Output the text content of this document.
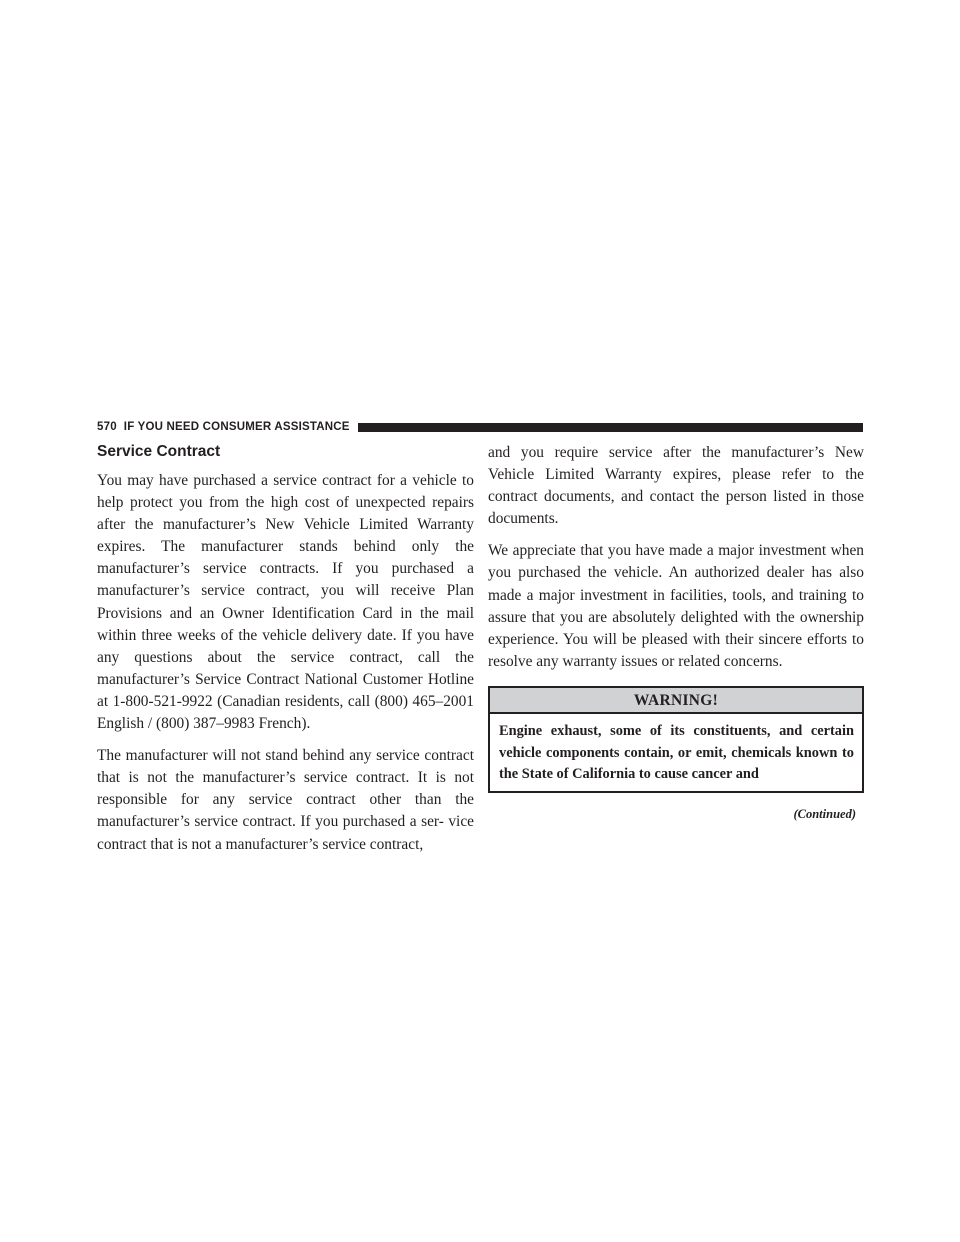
570 IF YOU NEED CONSUMER ASSISTANCE
Service Contract

You may have purchased a service contract for a vehicle to help protect you from the high cost of unexpected repairs after the manufacturer’s New Vehicle Limited Warranty expires. The manufacturer stands behind only the manufacturer’s service contracts. If you purchased a manufacturer’s service contract, you will receive Plan Provisions and an Owner Identification Card in the mail within three weeks of the vehicle delivery date. If you have any questions about the service contract, call the manufacturer’s Service Contract National Customer Hotline at 1-800-521-9922 (Canadian residents, call (800) 465–2001 English / (800) 387–9983 French).

The manufacturer will not stand behind any service contract that is not the manufacturer’s service contract. It is not responsible for any service contract other than the manufacturer’s service contract. If you purchased a ser- vice contract that is not a manufacturer’s service contract,

and you require service after the manufacturer’s New Vehicle Limited Warranty expires, please refer to the contract documents, and contact the person listed in those documents.

We appreciate that you have made a major investment when you purchased the vehicle. An authorized dealer has also made a major investment in facilities, tools, and training to assure that you are absolutely delighted with the ownership experience. You will be pleased with their sincere efforts to resolve any warranty issues or related concerns.

WARNING!
Engine exhaust, some of its constituents, and certain vehicle components contain, or emit, chemicals known to the State of California to cause cancer and
(Continued)
